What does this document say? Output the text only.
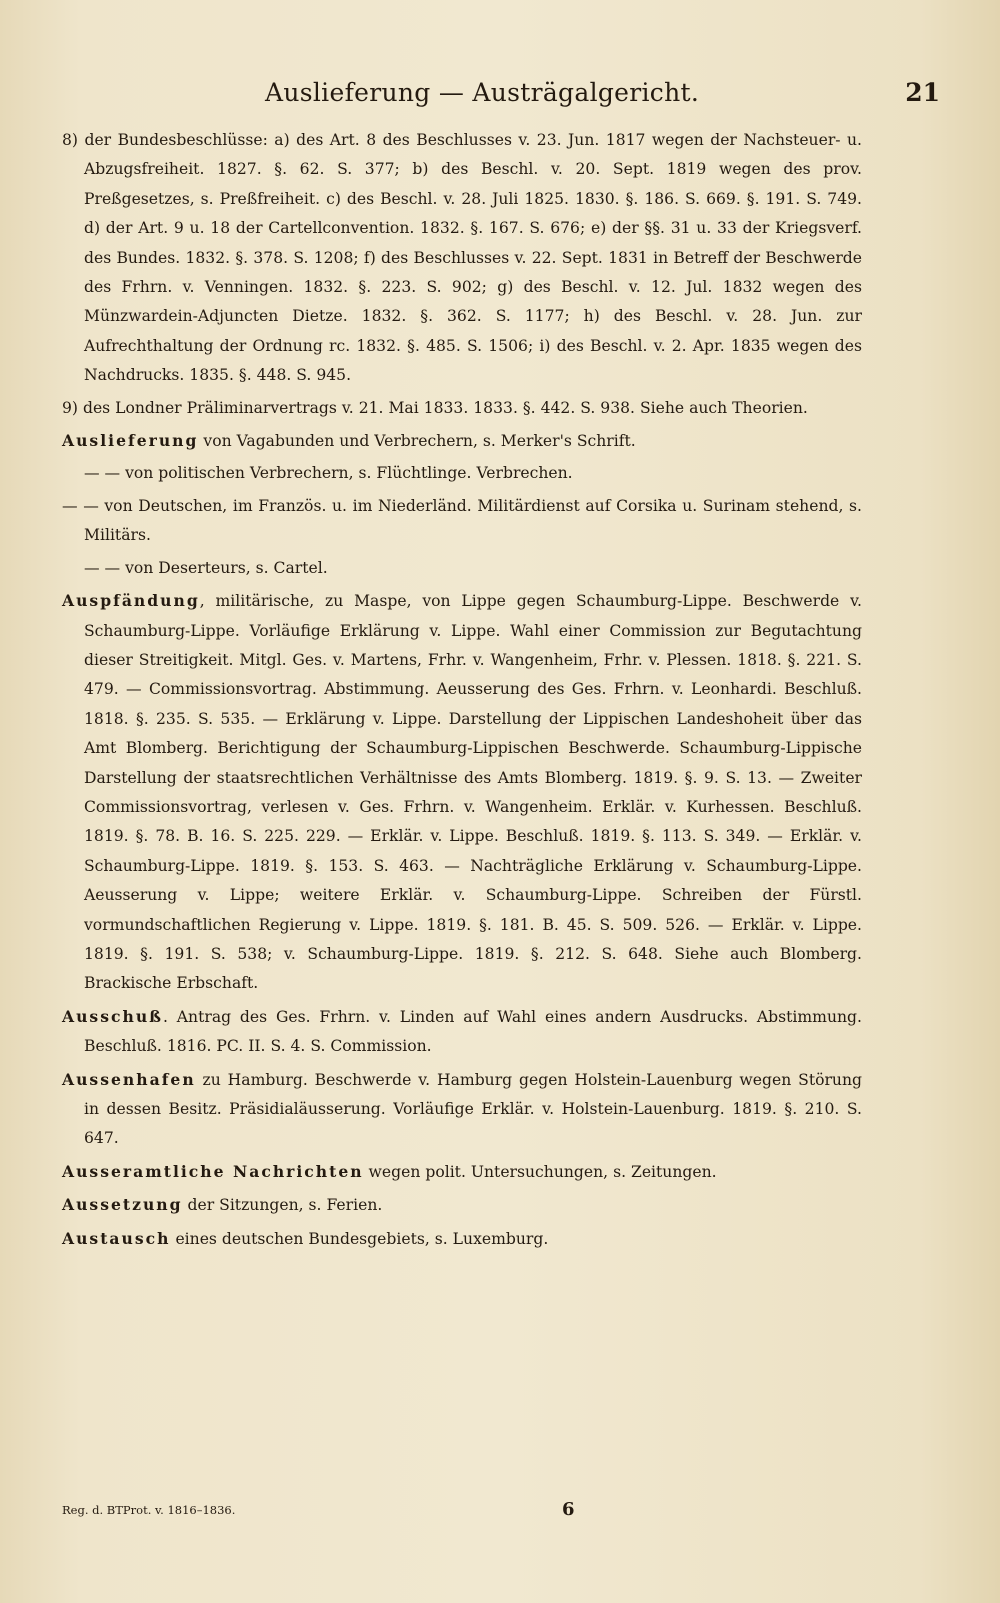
Auslieferung — Austrägalgericht.	21

8) der Bundesbeschlüsse: a) des Art. 8 des Beschlusses v. 23. Jun. 1817 wegen der Nachsteuer- u. Abzugsfreiheit. 1827. §. 62. S. 377; b) des Beschl. v. 20. Sept. 1819 wegen des prov. Preßgesetzes, s. Preßfreiheit. c) des Beschl. v. 28. Juli 1825. 1830. §. 186. S. 669. §. 191. S. 749. d) der Art. 9 u. 18 der Cartellconvention. 1832. §. 167. S. 676; e) der §§. 31 u. 33 der Kriegsverf. des Bundes. 1832. §. 378. S. 1208; f) des Beschlusses v. 22. Sept. 1831 in Betreff der Beschwerde des Frhrn. v. Venningen. 1832. §. 223. S. 902; g) des Beschl. v. 12. Jul. 1832 wegen des Münzwardein-Adjuncten Dietze. 1832. §. 362. S. 1177; h) des Beschl. v. 28. Jun. zur Aufrechthaltung der Ordnung rc. 1832. §. 485. S. 1506; i) des Beschl. v. 2. Apr. 1835 wegen des Nachdrucks. 1835. §. 448. S. 945.

9) des Londner Präliminarvertrags v. 21. Mai 1833. 1833. §. 442. S. 938. Siehe auch Theorien.

Auslieferung von Vagabunden und Verbrechern, s. Merker's Schrift.

— — von politischen Verbrechern, s. Flüchtlinge. Verbrechen.

— — von Deutschen, im Französ. u. im Niederländ. Militärdienst auf Corsika u. Surinam stehend, s. Militärs.

— — von Deserteurs, s. Cartel.

Auspfändung, militärische, zu Maspe, von Lippe gegen Schaumburg-Lippe. Beschwerde v. Schaumburg-Lippe. Vorläufige Erklärung v. Lippe. Wahl einer Commission zur Begutachtung dieser Streitigkeit. Mitgl. Ges. v. Martens, Frhr. v. Wangenheim, Frhr. v. Plessen. 1818. §. 221. S. 479. — Commissionsvortrag. Abstimmung. Aeusserung des Ges. Frhrn. v. Leonhardi. Beschluß. 1818. §. 235. S. 535. — Erklärung v. Lippe. Darstellung der Lippischen Landeshoheit über das Amt Blomberg. Berichtigung der Schaumburg-Lippischen Beschwerde. Schaumburg-Lippische Darstellung der staatsrechtlichen Verhältnisse des Amts Blomberg. 1819. §. 9. S. 13. — Zweiter Commissionsvortrag, verlesen v. Ges. Frhrn. v. Wangenheim. Erklär. v. Kurhessen. Beschluß. 1819. §. 78. B. 16. S. 225. 229. — Erklär. v. Lippe. Beschluß. 1819. §. 113. S. 349. — Erklär. v. Schaumburg-Lippe. 1819. §. 153. S. 463. — Nachträgliche Erklärung v. Schaumburg-Lippe. Aeusserung v. Lippe; weitere Erklär. v. Schaumburg-Lippe. Schreiben der Fürstl. vormundschaftlichen Regierung v. Lippe. 1819. §. 181. B. 45. S. 509. 526. — Erklär. v. Lippe. 1819. §. 191. S. 538; v. Schaumburg-Lippe. 1819. §. 212. S. 648. Siehe auch Blomberg. Brackische Erbschaft.

Ausschuß. Antrag des Ges. Frhrn. v. Linden auf Wahl eines andern Ausdrucks. Abstimmung. Beschluß. 1816. PC. II. S. 4. S. Commission.

Aussenhafen zu Hamburg. Beschwerde v. Hamburg gegen Holstein-Lauenburg wegen Störung in dessen Besitz. Präsidialäusserung. Vorläufige Erklär. v. Holstein-Lauenburg. 1819. §. 210. S. 647.

Ausseramtliche Nachrichten wegen polit. Untersuchungen, s. Zeitungen.

Aussetzung der Sitzungen, s. Ferien.

Austausch eines deutschen Bundesgebiets, s. Luxemburg.

Reg. d. BTProt. v. 1816–1836.	6
